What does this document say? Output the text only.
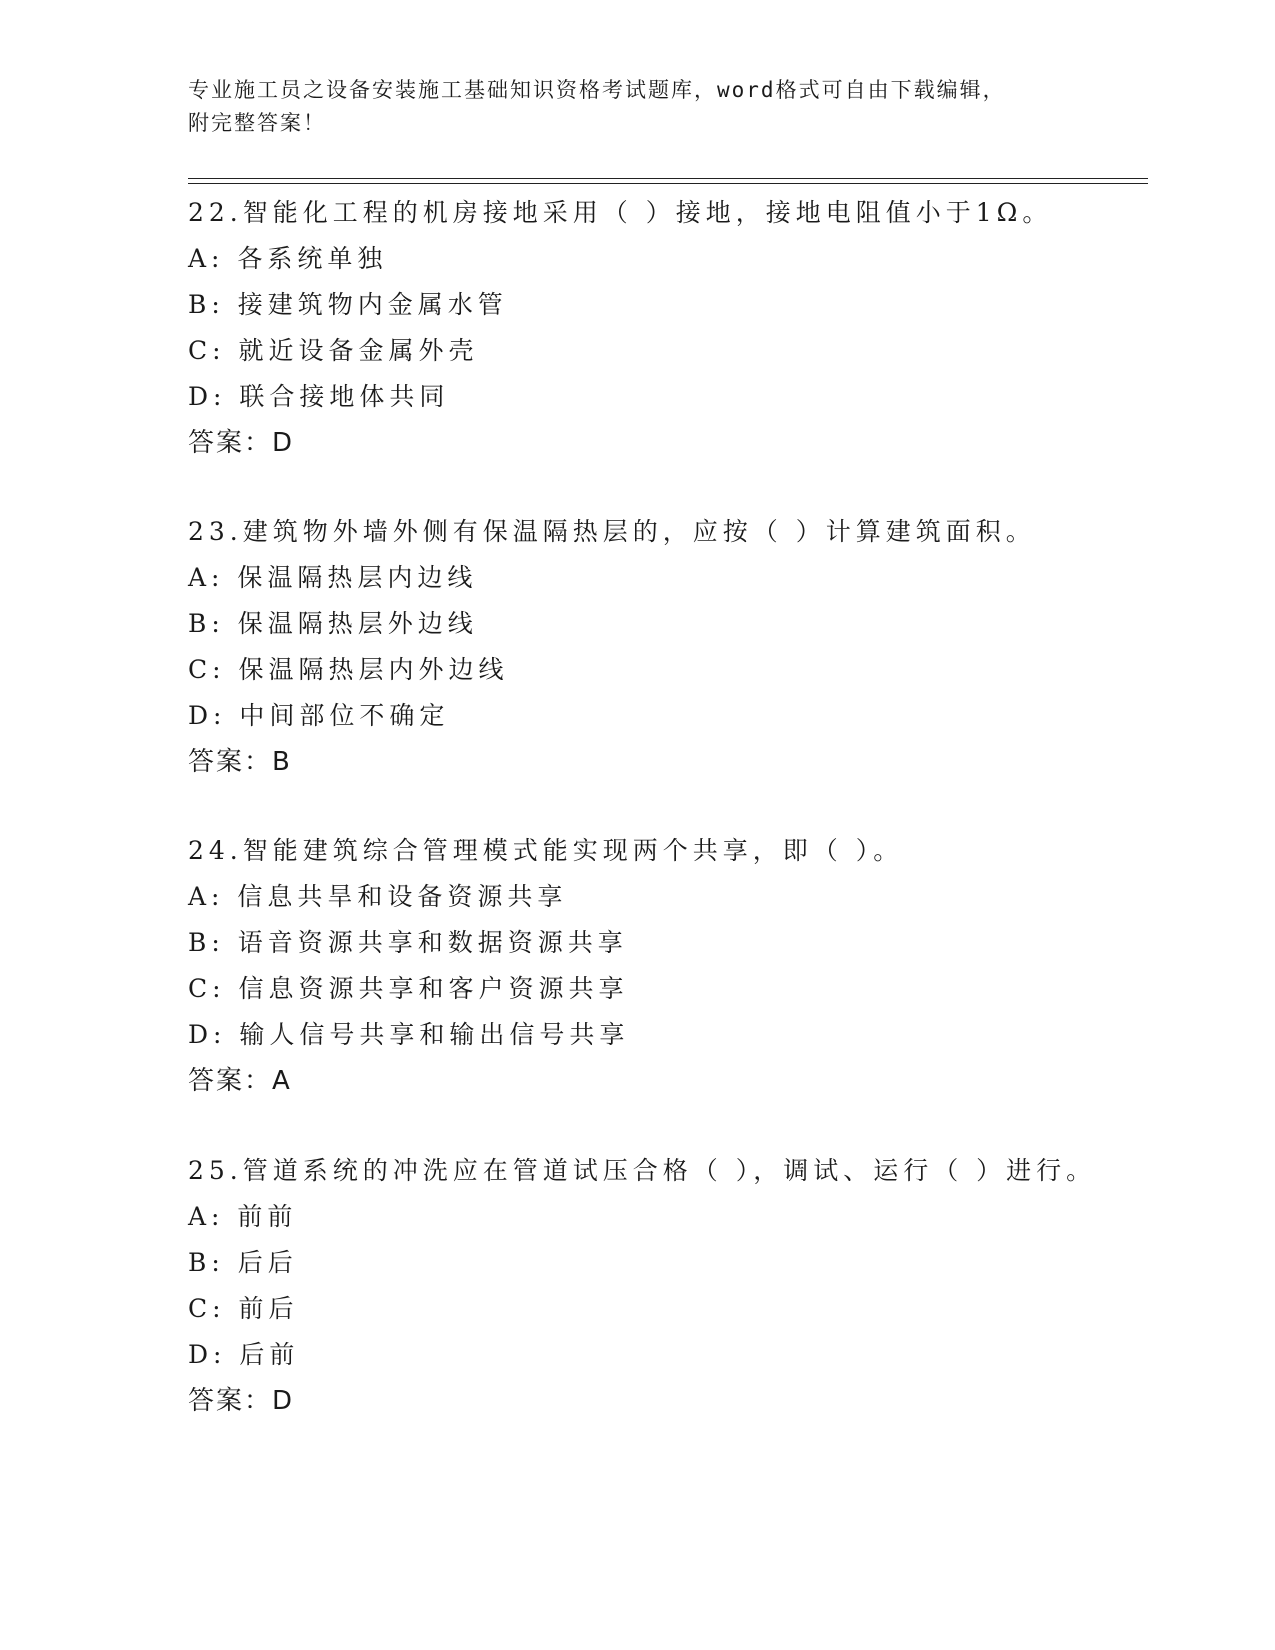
专业施工员之设备安装施工基础知识资格考试题库，word格式可自由下载编辑，
附完整答案！
22.智能化工程的机房接地采用（ ）接地，接地电阻值小于1Ω。
A: 各系统单独
B: 接建筑物内金属水管
C: 就近设备金属外壳
D: 联合接地体共同
答案：D
23.建筑物外墙外侧有保温隔热层的，应按（ ）计算建筑面积。
A: 保温隔热层内边线
B: 保温隔热层外边线
C: 保温隔热层内外边线
D: 中间部位不确定
答案：B
24.智能建筑综合管理模式能实现两个共享，即（ ）。
A: 信息共旱和设备资源共享
B: 语音资源共享和数据资源共享
C: 信息资源共享和客户资源共享
D: 输人信号共享和输出信号共享
答案：A
25.管道系统的冲洗应在管道试压合格（ ），调试、运行（ ）进行。
A: 前前
B: 后后
C: 前后
D: 后前
答案：D
